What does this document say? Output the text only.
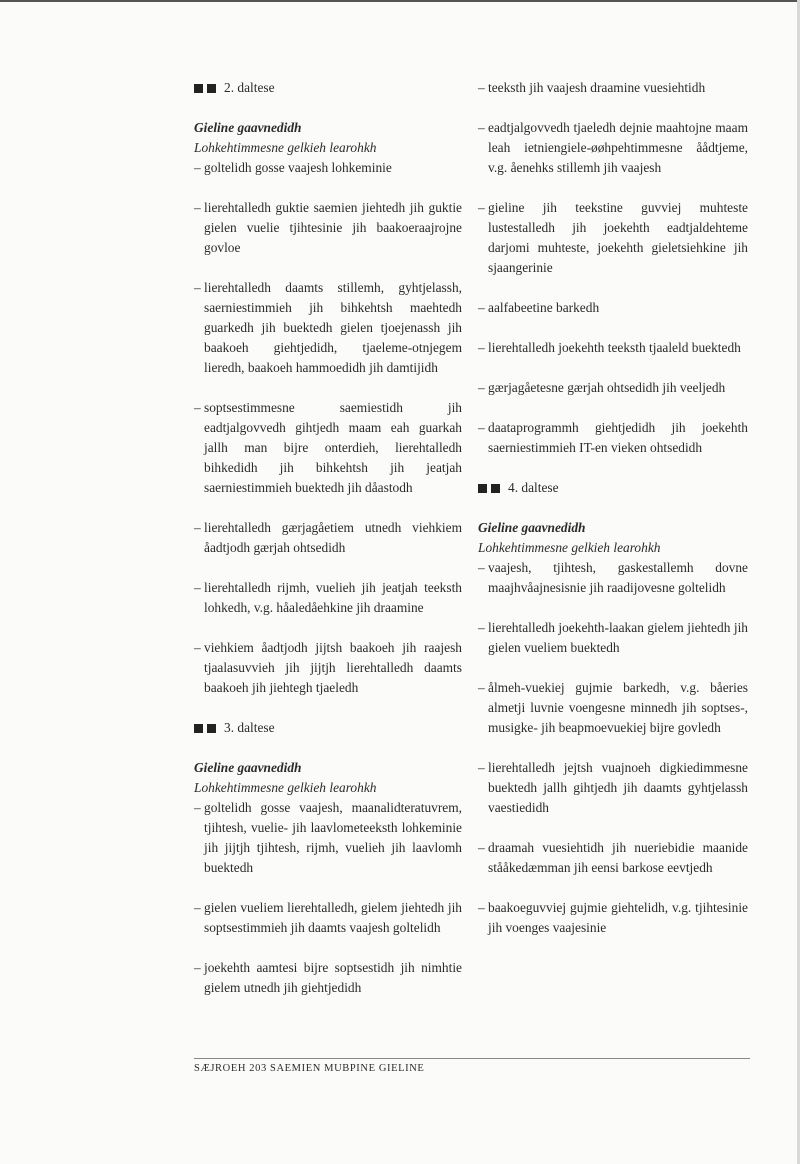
2. daltese
Gieline gaavnedidh
Lohkehtimmesne gelkieh learohkh
– goltelidh gosse vaajesh lohkeminie
– lierehtalledh guktie saemien jiehtedh jih guktie gielen vuelie tjihtesinie jih baakoeraajrojne govloe
– lierehtalledh daamts stillemh, gyhtjelassh, saerniestimmieh jih bihkehtsh maehtedh guarkedh jih buektedh gielen tjoejenassh jih baakoeh giehtjedidh, tjaeleme-otnjegem lieredh, baakoeh hammoedidh jih damtijidh
– soptsestimmesne saemiestidh jih eadtjalgovvedh gihtjedh maam eah guarkah jallh man bijre onterdieh, lierehtalledh bihkedidh jih bihkehtsh jih jeatjah saerniestimmieh buektedh jih dåastodh
– lierehtalledh gærjagåetiem utnedh viehkiem åadtjodh gærjah ohtsedidh
– lierehtalledh rijmh, vuelieh jih jeatjah teeksth lohkedh, v.g. håaledåehkine jih draamine
– viehkiem åadtjodh jijtsh baakoeh jih raajesh tjaalasuvvieh jih jijtjh lierehtalledh daamts baakoeh jih jiehtegh tjaeledh
3. daltese
Gieline gaavnedidh
Lohkehtimmesne gelkieh learohkh
– goltelidh gosse vaajesh, maanalidteratuvrem, tjihtesh, vuelie- jih laavlometeeksth lohkeminie jih jijtjh tjihtesh, rijmh, vuelieh jih laavlomh buektedh
– gielen vueliem lierehtalledh, gielem jiehtedh jih soptsestimmieh jih daamts vaajesh goltelidh
– joekehth aamtesi bijre soptsestidh jih nimhtie gielem utnedh jih giehtjedidh
– teeksth jih vaajesh draamine vuesiehtidh
– eadtjalgovvedh tjaeledh dejnie maahtojne maam leah ietniengiele-øøhpehtimmesne åådtjeme, v.g. åenehks stillemh jih vaajesh
– gieline jih teekstine guvviej muhteste lustestalledh jih joekehth eadtjaldehteme darjomi muhteste, joekehth gieletsiehkine jih sjaangerinie
– aalfabeetine barkedh
– lierehtalledh joekehth teeksth tjaaleld buektedh
– gærjagåetesne gærjah ohtsedidh jih veeljedh
– daataprogrammh giehtjedidh jih joekehth saerniestimmieh IT-en vieken ohtsedidh
4. daltese
Gieline gaavnedidh
Lohkehtimmesne gelkieh learohkh
– vaajesh, tjihtesh, gaskestallemh dovne maajhvåajnesisnie jih raadijovesne goltelidh
– lierehtalledh joekehth-laakan gielem jiehtedh jih gielen vueliem buektedh
– ålmeh-vuekiej gujmie barkedh, v.g. båeries almetji luvnie voengesne minnedh jih soptses-, musigke- jih beapmoevuekiej bijre govledh
– lierehtalledh jejtsh vuajnoeh digkiedimmesne buektedh jallh gihtjedh jih daamts gyhtjelassh vaestiedidh
– draamah vuesiehtidh jih nueriebidie maanide stååkedæmman jih eensi barkose eevtjedh
– baakoeguvviej gujmie giehtelidh, v.g. tjihtesinie jih voenges vaajesinie
SÆJROEH 203 SAEMIEN MUBPINE GIELINE
